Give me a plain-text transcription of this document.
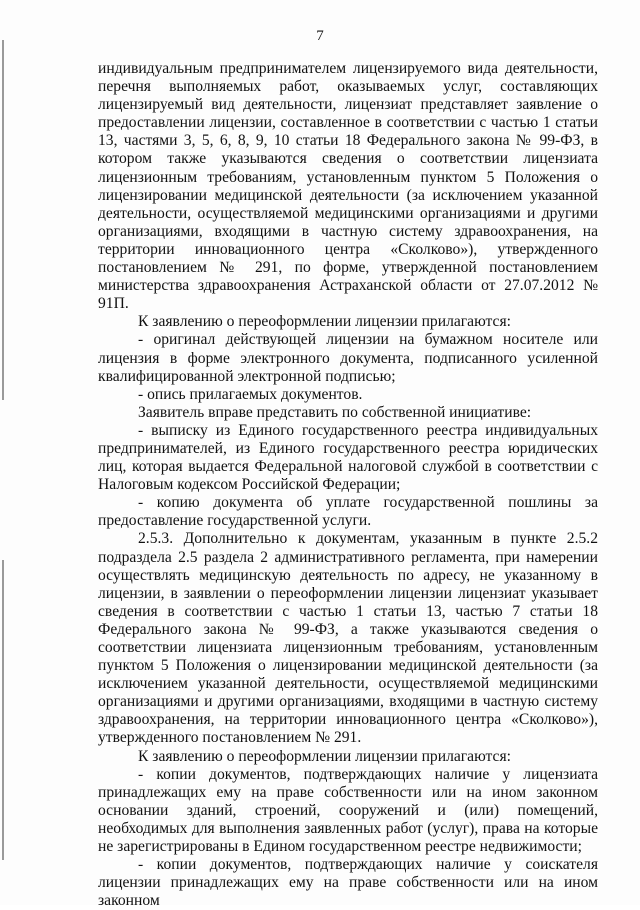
7

индивидуальным предпринимателем лицензируемого вида деятельности, перечня выполняемых работ, оказываемых услуг, составляющих лицензируемый вид деятельности, лицензиат представляет заявление о предоставлении лицензии, составленное в соответствии с частью 1 статьи 13, частями 3, 5, 6, 8, 9, 10 статьи 18 Федерального закона № 99-ФЗ, в котором также указываются сведения о соответствии лицензиата лицензионным требованиям, установленным пунктом 5 Положения о лицензировании медицинской деятельности (за исключением указанной деятельности, осуществляемой медицинскими организациями и другими организациями, входящими в частную систему здравоохранения, на территории инновационного центра «Сколково»), утвержденного постановлением № 291, по форме, утвержденной постановлением министерства здравоохранения Астраханской области от 27.07.2012 № 91П.

К заявлению о переоформлении лицензии прилагаются:

- оригинал действующей лицензии на бумажном носителе или лицензия в форме электронного документа, подписанного усиленной квалифицированной электронной подписью;

- опись прилагаемых документов.

Заявитель вправе представить по собственной инициативе:

- выписку из Единого государственного реестра индивидуальных предпринимателей, из Единого государственного реестра юридических лиц, которая выдается Федеральной налоговой службой в соответствии с Налоговым кодексом Российской Федерации;

- копию документа об уплате государственной пошлины за предоставление государственной услуги.

2.5.3. Дополнительно к документам, указанным в пункте 2.5.2 подраздела 2.5 раздела 2 административного регламента, при намерении осуществлять медицинскую деятельность по адресу, не указанному в лицензии, в заявлении о переоформлении лицензии лицензиат указывает сведения в соответствии с частью 1 статьи 13, частью 7 статьи 18 Федерального закона № 99-ФЗ, а также указываются сведения о соответствии лицензиата лицензионным требованиям, установленным пунктом 5 Положения о лицензировании медицинской деятельности (за исключением указанной деятельности, осуществляемой медицинскими организациями и другими организациями, входящими в частную систему здравоохранения, на территории инновационного центра «Сколково»), утвержденного постановлением № 291.

К заявлению о переоформлении лицензии прилагаются:

- копии документов, подтверждающих наличие у лицензиата принадлежащих ему на праве собственности или на ином законном основании зданий, строений, сооружений и (или) помещений, необходимых для выполнения заявленных работ (услуг), права на которые не зарегистрированы в Едином государственном реестре недвижимости;

- копии документов, подтверждающих наличие у соискателя лицензии принадлежащих ему на праве собственности или на ином законном
